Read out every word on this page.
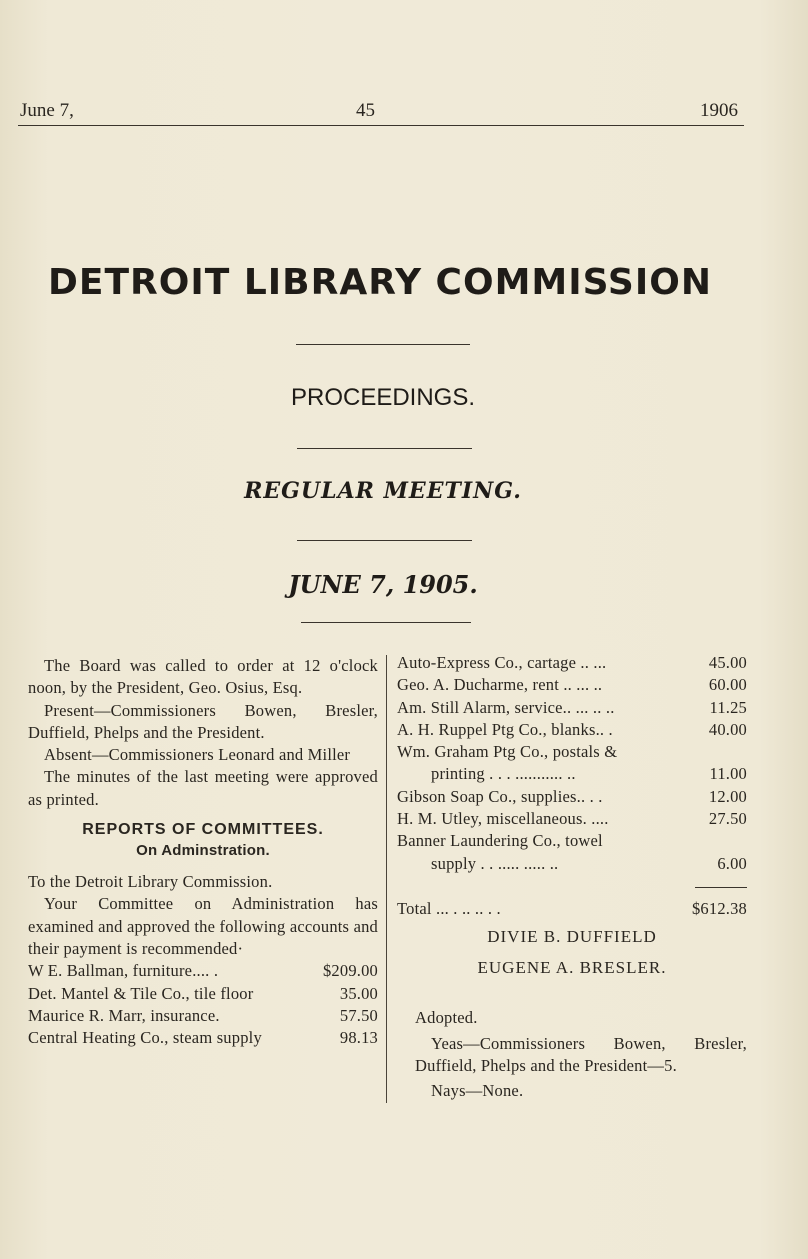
June 7,	45	1906
DETROIT LIBRARY COMMISSION
PROCEEDINGS.
REGULAR MEETING.
JUNE 7, 1905.

The Board was called to order at 12 o'clock noon, by the President, Geo. Osius, Esq.

Present—Commissioners Bowen, Bresler, Duffield, Phelps and the President.

Absent—Commissioners Leonard and Miller

The minutes of the last meeting were approved as printed.

REPORTS OF COMMITTEES.
On Adminstration.

To the Detroit Library Commission.

Your Committee on Administration has examined and approved the following accounts and their payment is recommended·

W E. Ballman, furniture.... .	$209.00
Det. Mantel & Tile Co., tile floor	35.00
Maurice R. Marr, insurance.	57.50
Central Heating Co., steam supply	98.13
Auto-Express Co., cartage .. ...	45.00
Geo. A. Ducharme, rent .. ... ..	60.00
Am. Still Alarm, service.. ... .. ..	11.25
A. H. Ruppel Ptg Co., blanks.. .	40.00
Wm. Graham Ptg Co., postals &
printing . . . ........... ..	11.00
Gibson Soap Co., supplies.. . .	12.00
H. M. Utley, miscellaneous. ....	27.50
Banner Laundering Co., towel
supply . . ..... ..... ..	6.00
Total ... . .. .. . .	$612.38
DIVIE B. DUFFIELD
EUGENE A. BRESLER.

Adopted.

Yeas—Commissioners Bowen, Bresler, Duffield, Phelps and the President—5.

Nays—None.
